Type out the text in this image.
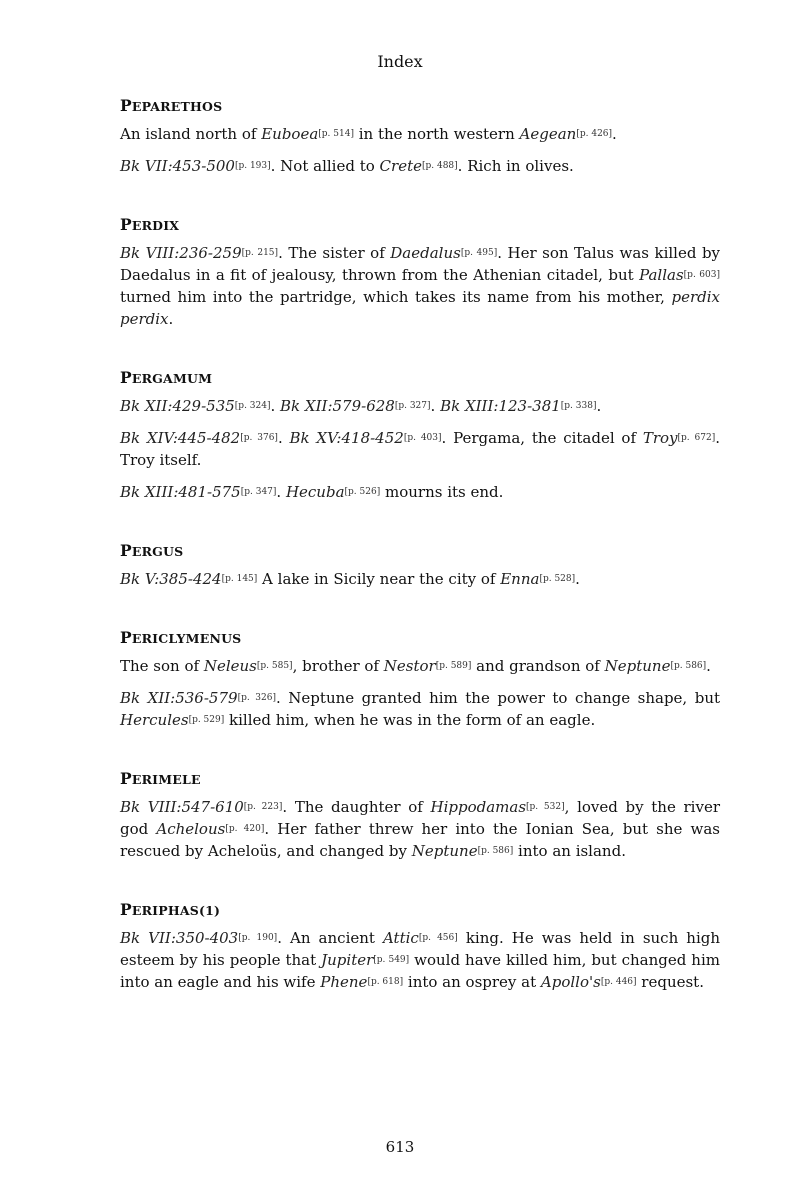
Index
PEPARETHOS

An island north of Euboea[p. 514] in the north western Aegean[p. 426].

Bk VII:453-500[p. 193]. Not allied to Crete[p. 488]. Rich in olives.

PERDIX

Bk VIII:236-259[p. 215]. The sister of Daedalus[p. 495]. Her son Talus was killed by Daedalus in a fit of jealousy, thrown from the Athenian citadel, but Pallas[p. 603] turned him into the partridge, which takes its name from his mother, perdix perdix.

PERGAMUM

Bk XII:429-535[p. 324]. Bk XII:579-628[p. 327]. Bk XIII:123-381[p. 338].

Bk XIV:445-482[p. 376]. Bk XV:418-452[p. 403]. Pergama, the citadel of Troy[p. 672]. Troy itself.

Bk XIII:481-575[p. 347]. Hecuba[p. 526] mourns its end.

PERGUS

Bk V:385-424[p. 145] A lake in Sicily near the city of Enna[p. 528].

PERICLYMENUS

The son of Neleus[p. 585], brother of Nestor[p. 589] and grandson of Neptune[p. 586].

Bk XII:536-579[p. 326]. Neptune granted him the power to change shape, but Hercules[p. 529] killed him, when he was in the form of an eagle.

PERIMELE

Bk VIII:547-610[p. 223]. The daughter of Hippodamas[p. 532], loved by the river god Achelous[p. 420]. Her father threw her into the Ionian Sea, but she was rescued by Acheloüs, and changed by Neptune[p. 586] into an island.

PERIPHAS(1)

Bk VII:350-403[p. 190]. An ancient Attic[p. 456] king. He was held in such high esteem by his people that Jupiter[p. 549] would have killed him, but changed him into an eagle and his wife Phene[p. 618] into an osprey at Apollo's[p. 446] request.

613
